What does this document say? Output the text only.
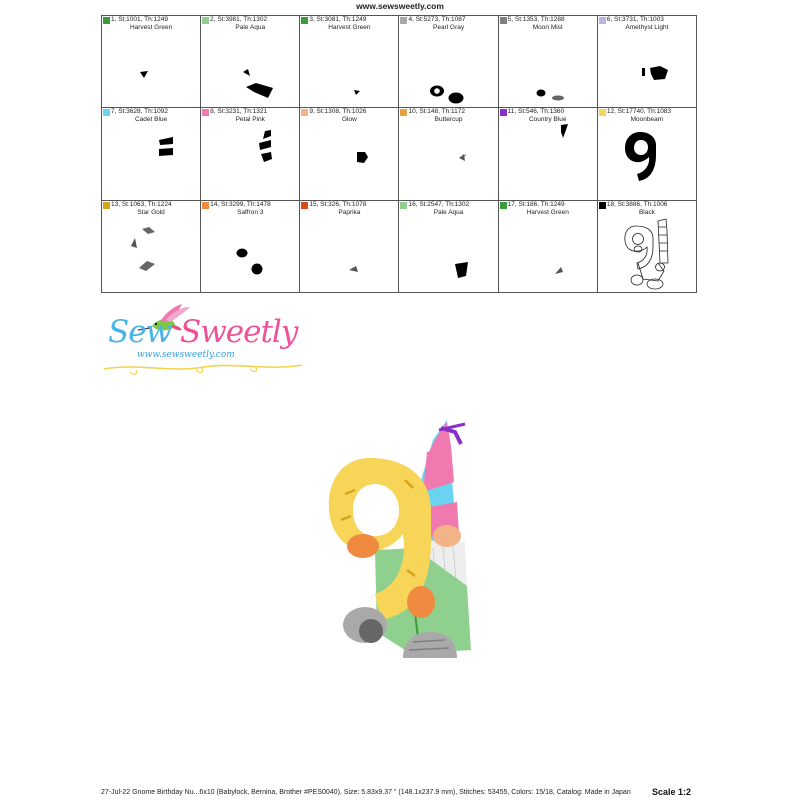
www.sewsweetly.com
1, St:1001, Th:1249
Harvest Green
2, St:3981, Th:1302
Pale Aqua
3, St:3081, Th:1249
Harvest Green
4, St:5273, Th:1087
Pearl Gray
5, St:1353, Th:1288
Moon Mist
6, St:3731, Th:1003
Amethyst Light
7, St:3628, Th:1092
Cadet Blue
8, St:3231, Th:1321
Petal Pink
9, St:1308, Th:1026
Glow
10, St:148, Th:1172
Buttercup
11, St:546, Th:1360
Country Blue
12, St:17740, Th:1083
Moonbeam
13, St:1063, Th:1224
Star Gold
14, St:3299, Th:1478
Saffron 3
15, St:326, Th:1078
Paprika
16, St:2547, Th:1302
Pale Aqua
17, St:186, Th:1249
Harvest Green
18, St:3886, Th:1006
Black
Sew Sweetly
www.sewsweetly.com
27-Jul-22 Gnome Birthday Nu...6x10 (Babylock, Bernina, Brother #PES0040), Size: 5.83x9.37 " (148.1x237.9 mm), Stitches: 53455, Colors: 15/18, Catalog: Made in Japan Scale 1:2
